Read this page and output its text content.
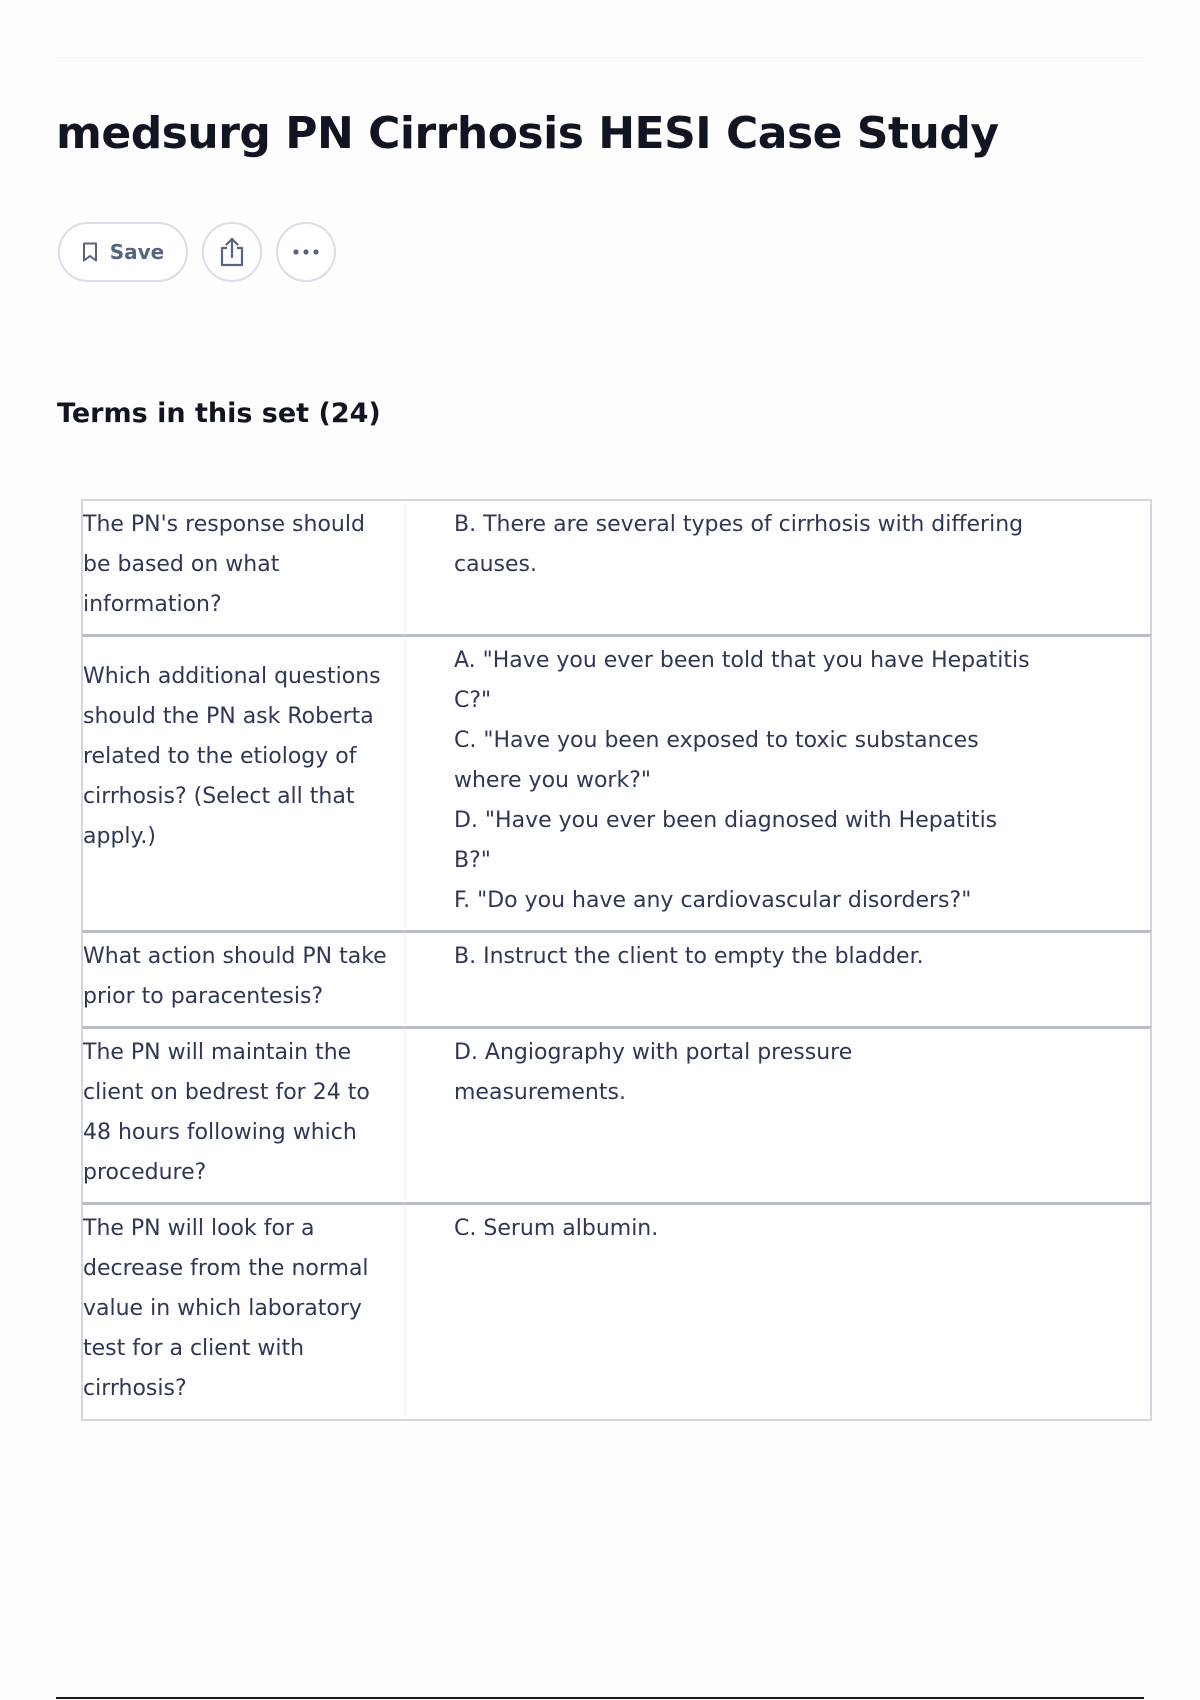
medsurg PN Cirrhosis HESI Case Study
Save
Terms in this set (24)
The PN's response should be based on what information?
B. There are several types of cirrhosis with differing causes.
Which additional questions should the PN ask Roberta related to the etiology of cirrhosis? (Select all that apply.)
A. "Have you ever been told that you have Hepatitis C?"
C. "Have you been exposed to toxic substances where you work?"
D. "Have you ever been diagnosed with Hepatitis B?"
F. "Do you have any cardiovascular disorders?"
What action should PN take prior to paracentesis?
B. Instruct the client to empty the bladder.
The PN will maintain the client on bedrest for 24 to 48 hours following which procedure?
D. Angiography with portal pressure measurements.
The PN will look for a decrease from the normal value in which laboratory test for a client with cirrhosis?
C. Serum albumin.
